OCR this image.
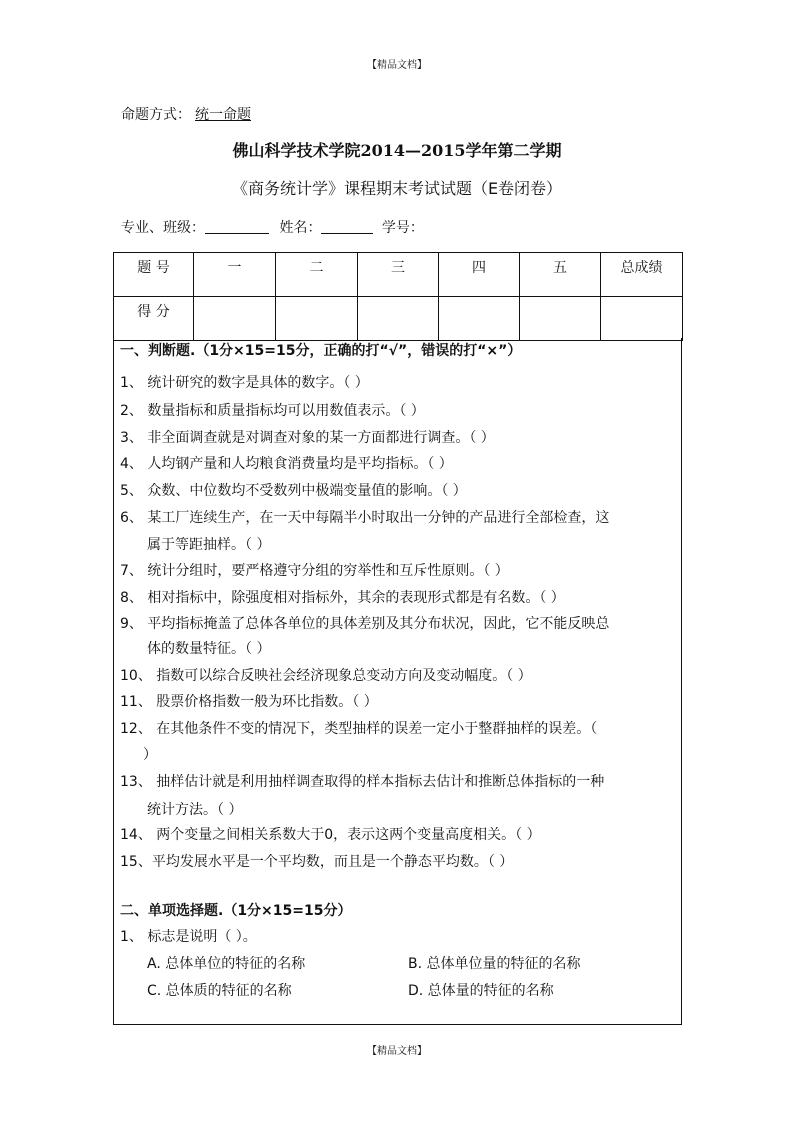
【精品文档】
命题方式： 统一命题
佛山科学技术学院2014—2015学年第二学期
《商务统计学》课程期末考试试题（E卷闭卷）
专业、班级：	姓名：	学号：
题 号	一	二	三	四	五	总成绩
得 分						
一、判断题.（1分×15=15分，正确的打“√”，错误的打“×”）
1、 统计研究的数字是具体的数字。（ ）
2、 数量指标和质量指标均可以用数值表示。（ ）
3、 非全面调查就是对调查对象的某一方面都进行调查。（ ）
4、 人均钢产量和人均粮食消费量均是平均指标。（ ）
5、 众数、中位数均不受数列中极端变量值的影响。（ ）
6、 某工厂连续生产，在一天中每隔半小时取出一分钟的产品进行全部检查，这
属于等距抽样。（ ）
7、 统计分组时，要严格遵守分组的穷举性和互斥性原则。（ ）
8、 相对指标中，除强度相对指标外，其余的表现形式都是有名数。（ ）
9、 平均指标掩盖了总体各单位的具体差别及其分布状况，因此，它不能反映总
体的数量特征。（ ）
10、 指数可以综合反映社会经济现象总变动方向及变动幅度。（ ）
11、 股票价格指数一般为环比指数。（ ）
12、 在其他条件不变的情况下，类型抽样的误差一定小于整群抽样的误差。（
）
13、 抽样估计就是利用抽样调查取得的样本指标去估计和推断总体指标的一种
统计方法。（ ）
14、 两个变量之间相关系数大于0，表示这两个变量高度相关。（ ）
15、平均发展水平是一个平均数，而且是一个静态平均数。（ ）
二、单项选择题.（1分×15=15分）
1、 标志是说明（ ）。
A. 总体单位的特征的名称	B. 总体单位量的特征的名称
C. 总体质的特征的名称	D. 总体量的特征的名称
【精品文档】
